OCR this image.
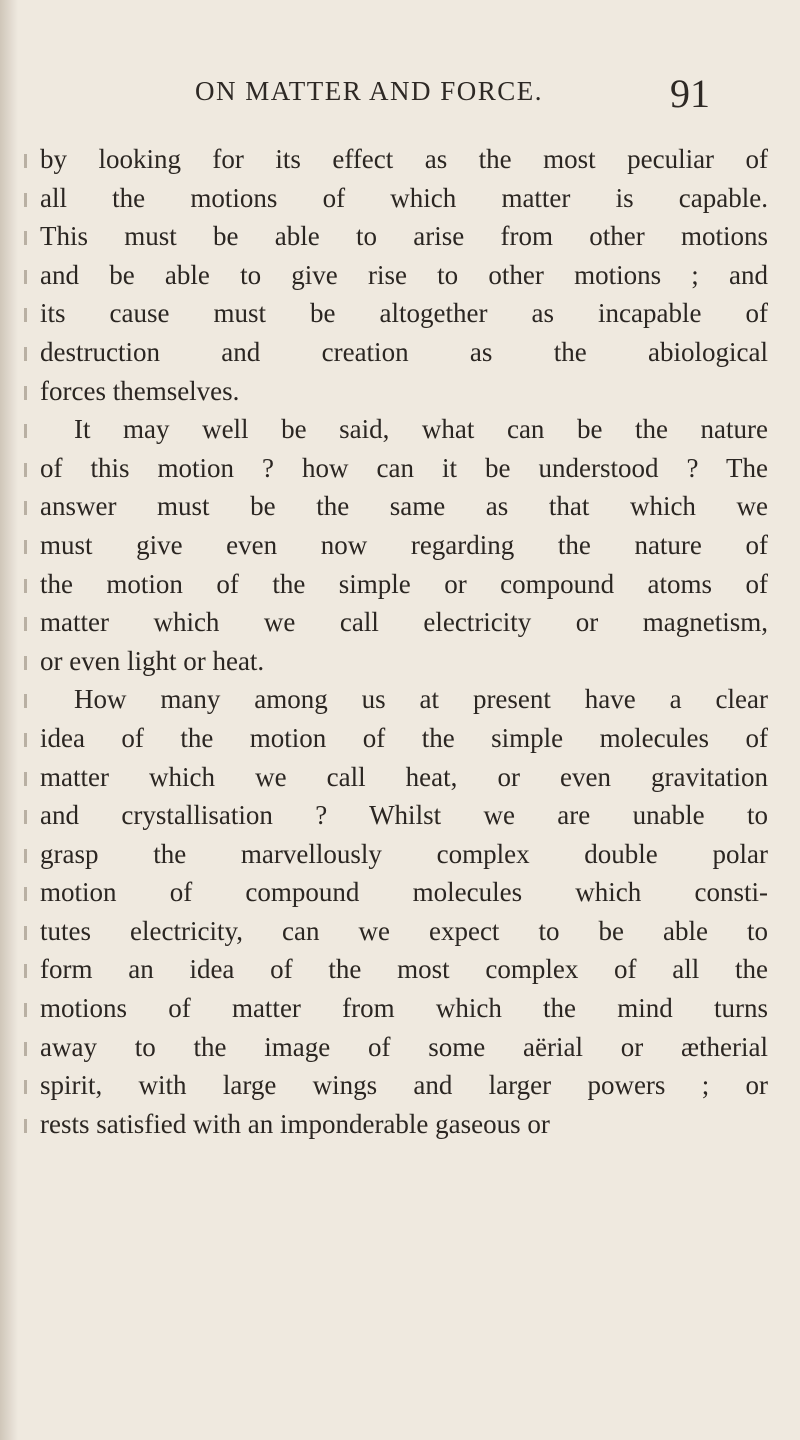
ON MATTER AND FORCE.	91
by looking for its effect as the most peculiar of
all the motions of which matter is capable.
This must be able to arise from other motions
and be able to give rise to other motions ; and
its cause must be altogether as incapable of
destruction and creation as the abiological
forces themselves.
It may well be said, what can be the nature
of this motion ? how can it be understood ? The
answer must be the same as that which we
must give even now regarding the nature of
the motion of the simple or compound atoms of
matter which we call electricity or magnetism,
or even light or heat.
How many among us at present have a clear
idea of the motion of the simple molecules of
matter which we call heat, or even gravitation
and crystallisation ? Whilst we are unable to
grasp the marvellously complex double polar
motion of compound molecules which consti-
tutes electricity, can we expect to be able to
form an idea of the most complex of all the
motions of matter from which the mind turns
away to the image of some aërial or ætherial
spirit, with large wings and larger powers ; or
rests satisfied with an imponderable gaseous or
